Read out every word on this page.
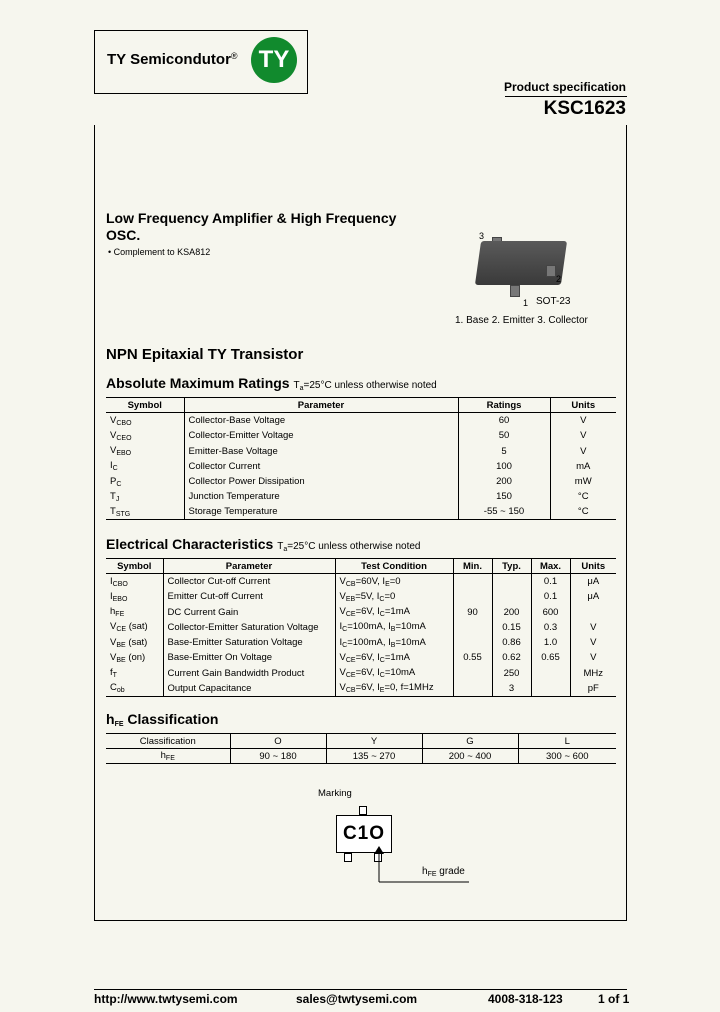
TY Semicondutor® TY
Product specification
KSC1623
Low Frequency Amplifier & High Frequency OSC.
• Complement to KSA812
3
2
1 SOT-23
1. Base 2. Emitter 3. Collector
NPN Epitaxial TY Transistor
Absolute Maximum Ratings $T_a=25^\circ C$ unless otherwise noted
Symbol	Parameter	Ratings	Units
$V_{CBO}$	Collector-Base Voltage	60	V
$V_{CEO}$	Collector-Emitter Voltage	50	V
$V_{EBO}$	Emitter-Base Voltage	5	V
$I_C$	Collector Current	100	mA
$P_C$	Collector Power Dissipation	200	mW
$T_J$	Junction Temperature	150	°C
$T_{STG}$	Storage Temperature	-55 ~ 150	°C
Electrical Characteristics $T_a=25^\circ C$ unless otherwise noted
Symbol	Parameter	Test Condition	Min.	Typ.	Max.	Units
$I_{CBO}$	Collector Cut-off Current	$V_{CB}=60V$, $I_E=0$			0.1	μA
$I_{EBO}$	Emitter Cut-off Current	$V_{EB}=5V$, $I_C=0$			0.1	μA
$h_{FE}$	DC Current Gain	$V_{CE}=6V$, $I_C=1mA$	90	200	600	
$V_{CE}$ (sat)	Collector-Emitter Saturation Voltage	$I_C=100mA$, $I_B=10mA$		0.15	0.3	V
$V_{BE}$ (sat)	Base-Emitter Saturation Voltage	$I_C=100mA$, $I_B=10mA$		0.86	1.0	V
$V_{BE}$ (on)	Base-Emitter On Voltage	$V_{CE}=6V$, $I_C=1mA$	0.55	0.62	0.65	V
$f_T$	Current Gain Bandwidth Product	$V_{CE}=6V$, $I_C=10mA$		250		MHz
$C_{ob}$	Output Capacitance	$V_{CB}=6V$, $I_E=0$, f=1MHz		3		pF
$h_{FE}$ Classification
Classification	O	Y	G	L
$h_{FE}$	90 ~ 180	135 ~ 270	200 ~ 400	300 ~ 600
Marking
C1O
$h_{FE}$ grade
http://www.twtysemi.com	sales@twtysemi.com	4008-318-123	1 of 1
